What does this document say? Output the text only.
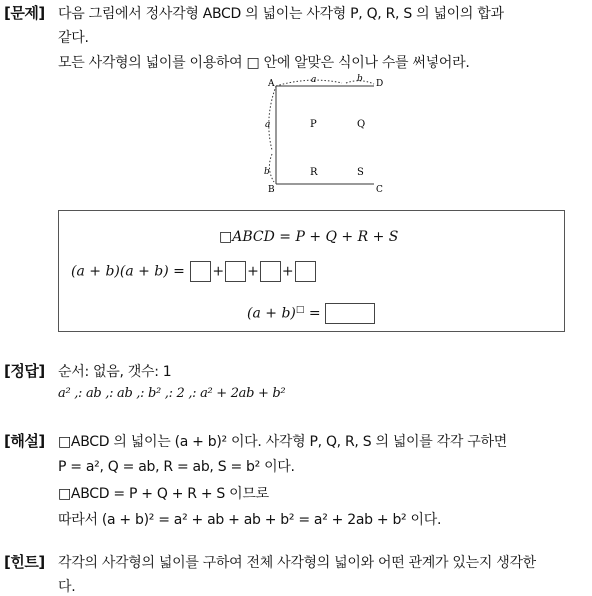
[문제] 다음 그림에서 정사각형 ABCD 의 넓이는 사각형 P, Q, R, S 의 넓이의 합과
같다.
모든 사각형의 넓이를 이용하여 □ 안에 알맞은 식이나 수를 써넣어라.
A	D
B	C
a	b
a
b
P	Q
R	S
□ABCD = P + Q + R + S
(a + b)(a + b) = + + +
(a + b)□ =
[정답] 순서: 없음, 갯수: 1
a² ,: ab ,: ab ,: b² ,: 2 ,: a² + 2ab + b²
[해설] □ABCD 의 넓이는 (a + b)² 이다. 사각형 P, Q, R, S 의 넓이를 각각 구하면
P = a², Q = ab, R = ab, S = b² 이다.
□ABCD = P + Q + R + S 이므로
따라서 (a + b)² = a² + ab + ab + b² = a² + 2ab + b² 이다.
[힌트] 각각의 사각형의 넓이를 구하여 전체 사각형의 넓이와 어떤 관계가 있는지 생각한
다.
